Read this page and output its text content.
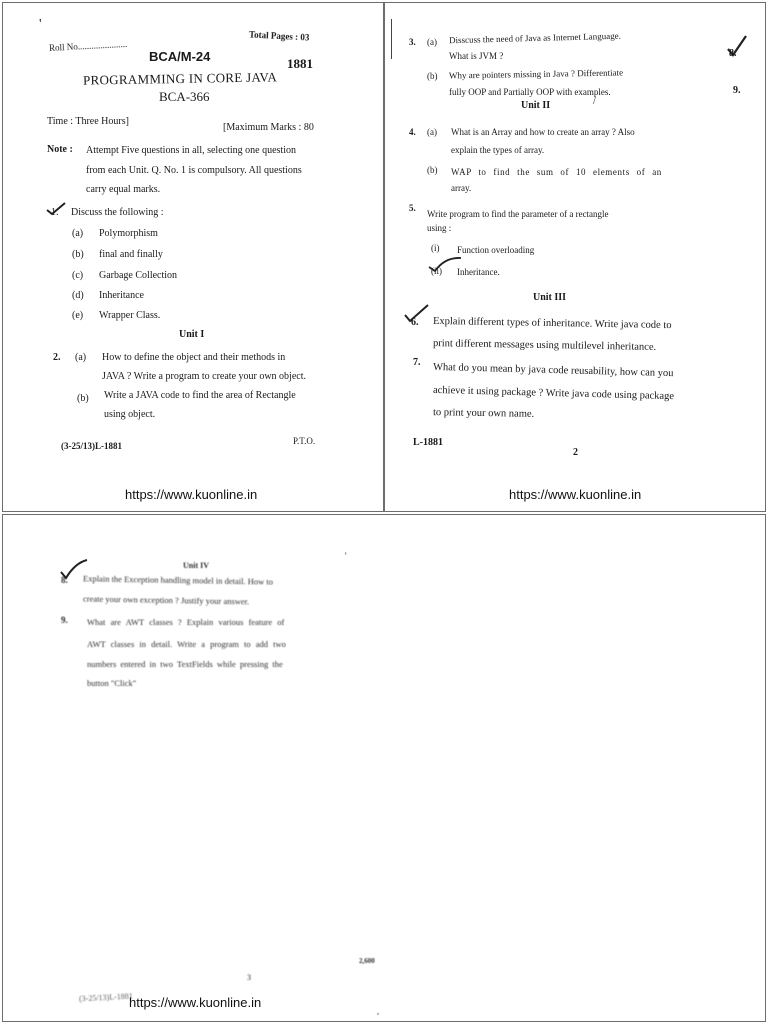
'
Roll No......................
Total Pages : 03
BCA/M-24	1881
PROGRAMMING IN CORE JAVA
BCA-366
Time : Three Hours]
[Maximum Marks : 80
Note : Attempt Five questions in all, selecting one question
from each Unit. Q. No. 1 is compulsory. All questions
carry equal marks.
1. Discuss the following :
(a) Polymorphism
(b) final and finally
(c) Garbage Collection
(d) Inheritance
(e) Wrapper Class.
Unit I
2. (a) How to define the object and their methods in
JAVA ? Write a program to create your own object.
(b) Write a JAVA code to find the area of Rectangle
using object.
(3-25/13)L-1881	P.T.O.
https://www.kuonline.in
3. (a) Disscuss the need of Java as Internet Language.
What is JVM ?	8.
(b) Why are pointers missing in Java ? Differentiate
fully OOP and Partially OOP with examples.	9.
Unit II	/
4. (a) What is an Array and how to create an array ? Also
explain the types of array.
(b) WAP to find the sum of 10 elements of an
array.
5.
Write program to find the parameter of a rectangle
using :
(i) Function overloading
(ii) Inheritance.
Unit III
6. Explain different types of inheritance. Write java code to
print different messages using multilevel inheritance.
7. What do you mean by java code reusability, how can you
achieve it using package ? Write java code using package
to print your own name.
L-1881
2
https://www.kuonline.in
'
Unit IV
8. Explain the Exception handling model in detail. How to
create your own exception ? Justify your answer.
9. What are AWT classes ? Explain various feature of
AWT classes in detail. Write a program to add two
numbers entered in two TextFields while pressing the
button "Click"
2,600
3
(3-25/13)L-1881
https://www.kuonline.in
,
